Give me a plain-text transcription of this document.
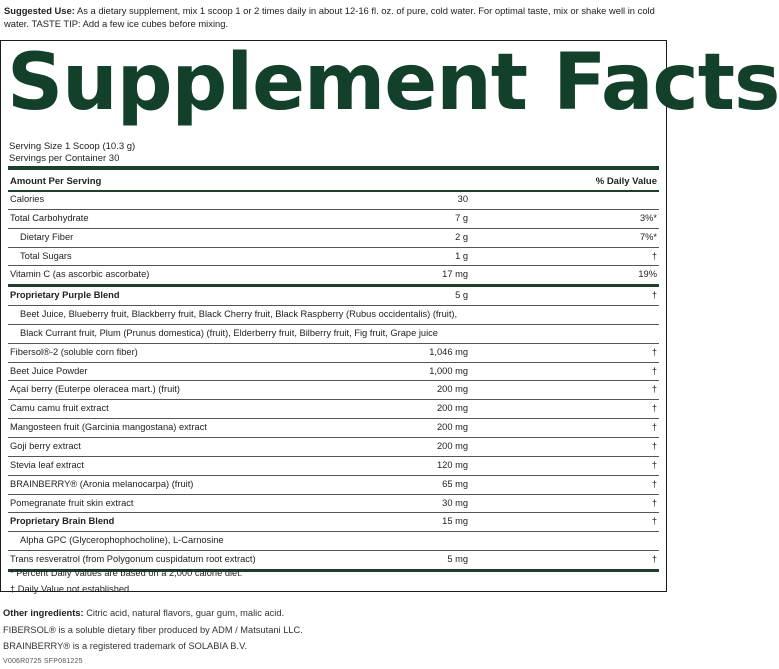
Suggested Use: As a dietary supplement, mix 1 scoop 1 or 2 times daily in about 12-16 fl. oz. of pure, cold water. For optimal taste, mix or shake well in cold water. TASTE TIP: Add a few ice cubes before mixing.
Supplement Facts
Serving Size 1 Scoop (10.3 g)
Servings per Container 30
Amount Per Serving	% Daily Value
Calories	30
Total Carbohydrate	7 g	3%*
Dietary Fiber	2 g	7%*
Total Sugars	1 g	†
Vitamin C (as ascorbic ascorbate)	17 mg	19%
Proprietary Purple Blend	5 g	†
Beet Juice, Blueberry fruit, Blackberry fruit, Black Cherry fruit, Black Raspberry (Rubus occidentalis) (fruit),
Black Currant fruit, Plum (Prunus domestica) (fruit), Elderberry fruit, Bilberry fruit, Fig fruit, Grape juice
Fibersol®-2 (soluble corn fiber)	1,046 mg	†
Beet Juice Powder	1,000 mg	†
Açaí berry (Euterpe oleracea mart.) (fruit)	200 mg	†
Camu camu fruit extract	200 mg	†
Mangosteen fruit (Garcinia mangostana) extract	200 mg	†
Goji berry extract	200 mg	†
Stevia leaf extract	120 mg	†
BRAINBERRY® (Aronia melanocarpa) (fruit)	65 mg	†
Pomegranate fruit skin extract	30 mg	†
Proprietary Brain Blend	15 mg	†
Alpha GPC (Glycerophophocholine), L-Carnosine
Trans resveratrol (from Polygonum cuspidatum root extract)	5 mg	†
* Percent Daily Values are based on a 2,000 calorie diet.
† Daily Value not established.
Other ingredients: Citric acid, natural flavors, guar gum, malic acid.
FIBERSOL® is a soluble dietary fiber produced by ADM / Matsutani LLC.
BRAINBERRY® is a registered trademark of SOLABIA B.V.
V006R0725 SFP081225
